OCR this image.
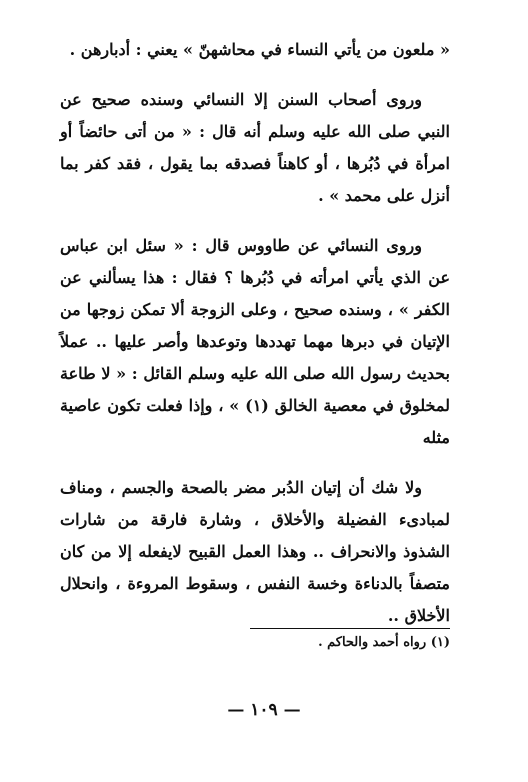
« ملعون من يأتي النساء في محاشهنّ » يعني : أدبارهن .

وروى أصحاب السنن إلا النسائي وسنده صحيح عن النبي صلى الله عليه وسلم أنه قال : « من أتى حائضاً أو امرأة في دُبُرها ، أو كاهناً فصدقه بما يقول ، فقد كفر بما أنزل على محمد » .

وروى النسائي عن طاووس قال : « سئل ابن عباس عن الذي يأتي امرأته في دُبُرها ؟ فقال : هذا يسألني عن الكفر » ، وسنده صحيح ، وعلى الزوجة ألا تمكن زوجها من الإتيان في دبرها مهما تهددها وتوعدها وأصر عليها .. عملاً بحديث رسول الله صلى الله عليه وسلم القائل : « لا طاعة لمخلوق في معصية الخالق (١) » ، وإذا فعلت تكون عاصية مثله

ولا شك أن إتيان الدُبر مضر بالصحة والجسم ، ومناف لمبادىء الفضيلة والأخلاق ، وشارة فارقة من شارات الشذوذ والانحراف .. وهذا العمل القبيح لايفعله إلا من كان متصفاً بالدناءة وخسة النفس ، وسقوط المروءة ، وانحلال الأخلاق ..

(١) رواه أحمد والحاكم .
— ١٠٩ —
